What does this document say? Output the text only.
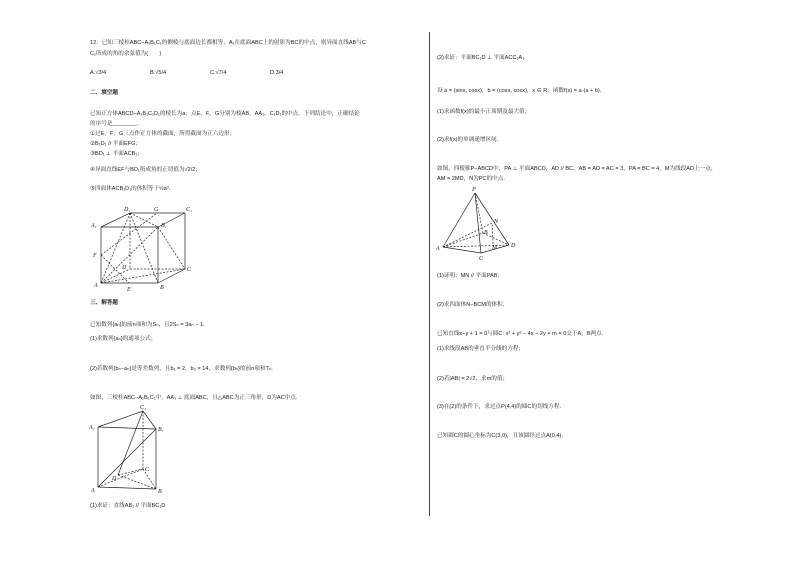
12．已知三棱柱ABC−A₁B₁C₁的侧棱与底面边长都相等，A₁在底面ABC上的射影为BC的中点，则异面直线AB与C
C₁所成的角的余弦值为(　　)
A.√3/4	B.√5/4	C.√7/4	D.3/4
二、填空题
已知正方体ABCD−A₁B₁C₁D₁的棱长为a，点E，F，G分别为棱AB，AA₁，C₁D₁的中点．下列结论中，正确结论
的序号是________．
①过E，F，G三点作正方体的截面，所得截面为正六边形；
②B₁D₁ // 平面EFG；
③BD₁ ⊥ 平面ACB₁；
④异面直线EF与BD₁所成角的正切值为√2/2；
⑤四面体ACB₁D₁的体积等于½a³．
D₁	G	C₁
A₁	B₁
F
D	C
A
E	B
三、解答题
已知数列{aₙ}的前n项和为Sₙ，且2Sₙ = 3aₙ − 1．
(1)求数列{aₙ}的通项公式；
(2)若数列{bₙ−aₙ}是等差数列，且b₁ = 2，b₃ = 14，求数列{bₙ}的前n项和Tₙ．
如图，三棱柱ABC−A₁B₁C₁中，AA₁ ⊥ 底面ABC，且△ABC为正三角形，D为AC中点．
C₁
A₁	B₁
D
C
A	B
(1)求证：直线AB₁ // 平面BC₁D
(2)求证：平面BC₁D ⊥ 平面ACC₁A₁．
设 a = (sinx, cosx)，b = (cosx, cosx)，x ∈ R，函数f(x) = a·(a + b)．
(1)求函数f(x)的最小正周期及最大值；
(2)求f(x)的单调递增区间．
如图，四棱锥P−ABCD中，PA ⊥ 平面ABCD，AD // BC，AB = AD = AC = 3，PA = BC = 4，M为线段AD上一点，
AM = 2MD，N为PC的中点．
P
N
A	M D
B
C
(1)证明：MN // 平面PAB；
(2)求四面体N−BCM的体积．
已知直线x−y + 1 = 0与圆C: x² + y² − 4x − 2y + m = 0交于A，B两点．
(1)求线段AB的垂直平分线的方程；
(2)若|AB| = 2√2，求m的值；
(3)在(2)的条件下，求过点P(4,4)的圆C的切线方程．
已知圆C的圆心坐标为C(3,0)，且该圆经过点A(0,4)．
